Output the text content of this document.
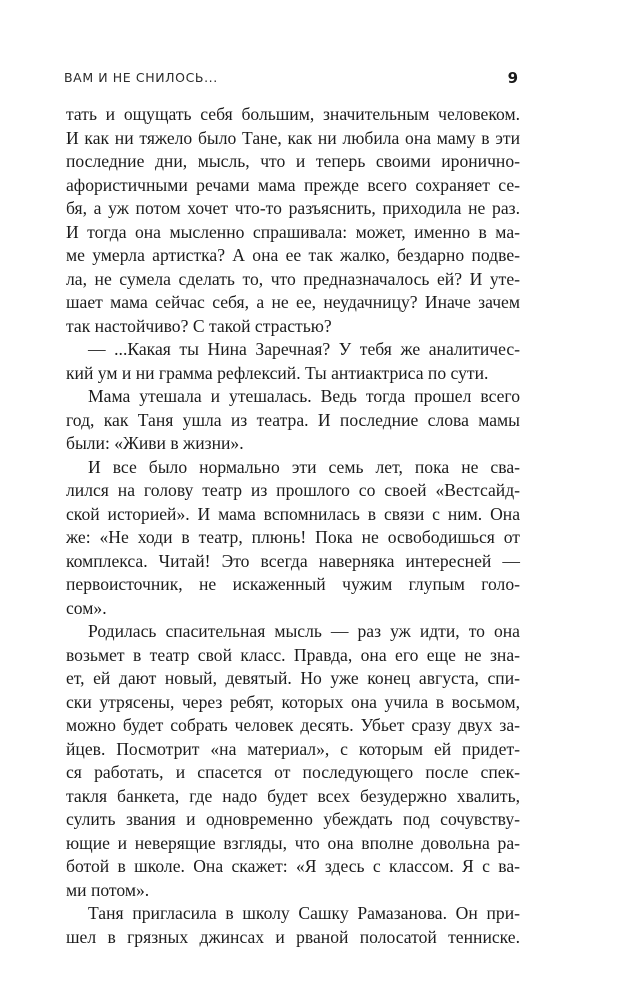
ВАМ И НЕ СНИЛОСЬ...	9
тать и ощущать себя большим, значительным человеком.
И как ни тяжело было Тане, как ни любила она маму в эти
последние дни, мысль, что и теперь своими иронично-
афористичными речами мама прежде всего сохраняет се-
бя, а уж потом хочет что-то разъяснить, приходила не раз.
И тогда она мысленно спрашивала: может, именно в ма-
ме умерла артистка? А она ее так жалко, бездарно подве-
ла, не сумела сделать то, что предназначалось ей? И уте-
шает мама сейчас себя, а не ее, неудачницу? Иначе зачем
так настойчиво? С такой страстью?
— ...Какая ты Нина Заречная? У тебя же аналитичес-
кий ум и ни грамма рефлексий. Ты антиактриса по сути.
Мама утешала и утешалась. Ведь тогда прошел всего
год, как Таня ушла из театра. И последние слова мамы
были: «Живи в жизни».
И все было нормально эти семь лет, пока не сва-
лился на голову театр из прошлого со своей «Вестсайд-
ской историей». И мама вспомнилась в связи с ним. Она
же: «Не ходи в театр, плюнь! Пока не освободишься от
комплекса. Читай! Это всегда наверняка интересней —
первоисточник, не искаженный чужим глупым голо-
сом».
Родилась спасительная мысль — раз уж идти, то она
возьмет в театр свой класс. Правда, она его еще не зна-
ет, ей дают новый, девятый. Но уже конец августа, спи-
ски утрясены, через ребят, которых она учила в восьмом,
можно будет собрать человек десять. Убьет сразу двух за-
йцев. Посмотрит «на материал», с которым ей придет-
ся работать, и спасется от последующего после спек-
такля банкета, где надо будет всех безудержно хвалить,
сулить звания и одновременно убеждать под сочувству-
ющие и неверящие взгляды, что она вполне довольна ра-
ботой в школе. Она скажет: «Я здесь с классом. Я с ва-
ми потом».
Таня пригласила в школу Сашку Рамазанова. Он при-
шел в грязных джинсах и рваной полосатой тенниске.
